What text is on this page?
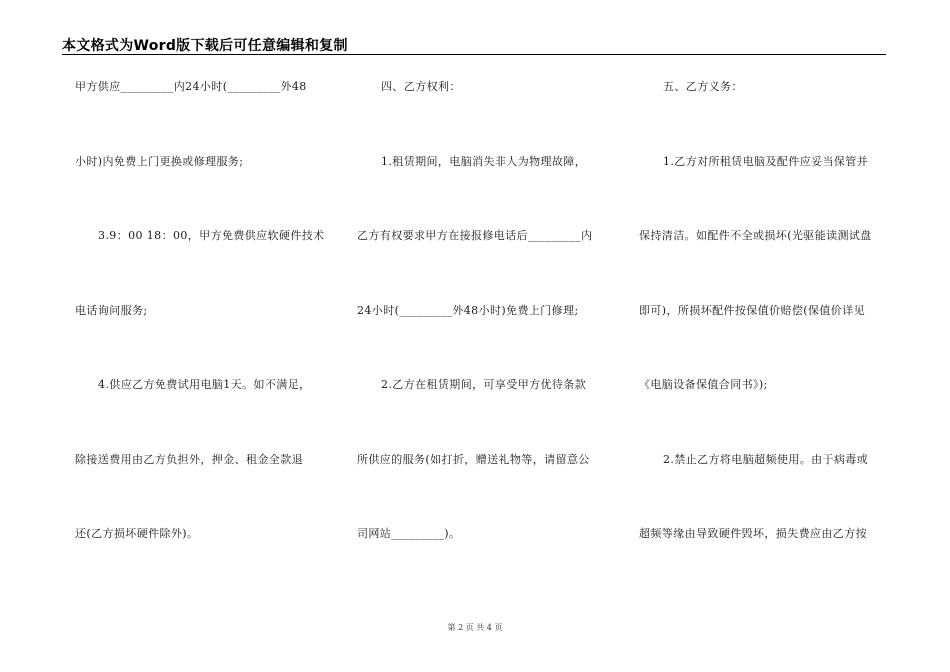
本文格式为Word版下载后可任意编辑和复制
甲方供应_________内24小时(_________外48
小时)内免费上门更换或修理服务;
3.9：00 18：00，甲方免费供应软硬件技术
电话询问服务;
4.供应乙方免费试用电脑1天。如不满足，
除接送费用由乙方负担外，押金、租金全款退
还(乙方损坏硬件除外)。
四、乙方权利：
1.租赁期间，电脑消失非人为物理故障，
乙方有权要求甲方在接报修电话后_________内
24小时(_________外48小时)免费上门修理;
2.乙方在租赁期间，可享受甲方优待条款
所供应的服务(如打折，赠送礼物等，请留意公
司网站_________)。
五、乙方义务：
1.乙方对所租赁电脑及配件应妥当保管并
保持清洁。如配件不全或损坏(光驱能读测试盘
即可)，所损坏配件按保值价赔偿(保值价详见
《电脑设备保值合同书》);
2.禁止乙方将电脑超频使用。由于病毒或
超频等缘由导致硬件毁坏，损失费应由乙方按
第 2 页 共 4 页
